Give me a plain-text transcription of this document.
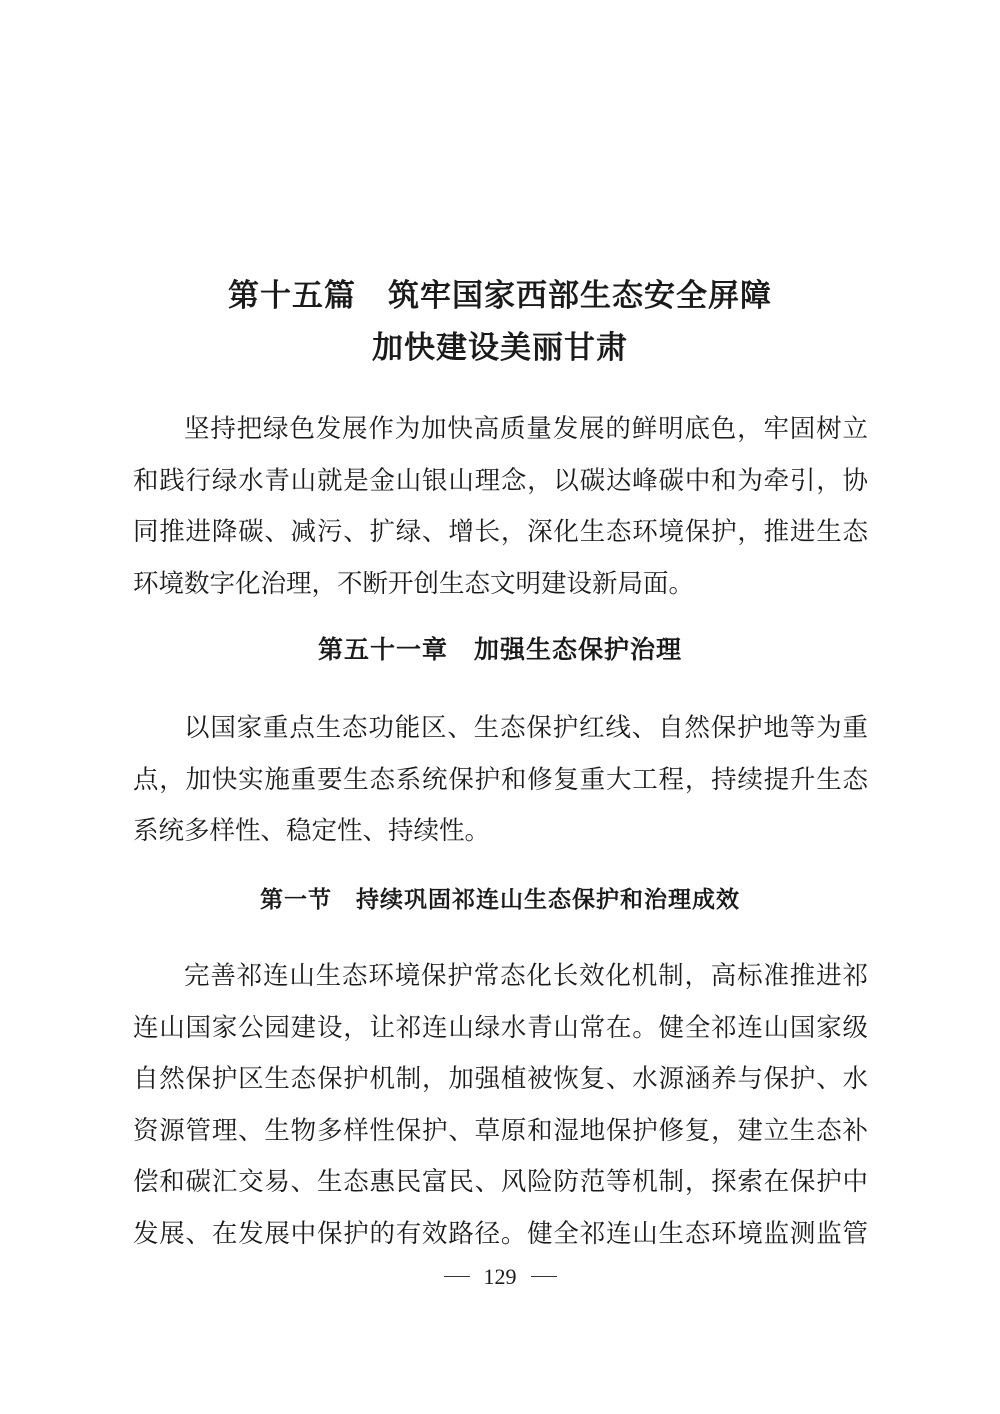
第十五篇　筑牢国家西部生态安全屏障
加快建设美丽甘肃
坚持把绿色发展作为加快高质量发展的鲜明底色，牢固树立
和践行绿水青山就是金山银山理念，以碳达峰碳中和为牵引，协
同推进降碳、减污、扩绿、增长，深化生态环境保护，推进生态
环境数字化治理，不断开创生态文明建设新局面。
第五十一章　加强生态保护治理
以国家重点生态功能区、生态保护红线、自然保护地等为重
点，加快实施重要生态系统保护和修复重大工程，持续提升生态
系统多样性、稳定性、持续性。
第一节　持续巩固祁连山生态保护和治理成效
完善祁连山生态环境保护常态化长效化机制，高标准推进祁
连山国家公园建设，让祁连山绿水青山常在。健全祁连山国家级
自然保护区生态保护机制，加强植被恢复、水源涵养与保护、水
资源管理、生物多样性保护、草原和湿地保护修复，建立生态补
偿和碳汇交易、生态惠民富民、风险防范等机制，探索在保护中
发展、在发展中保护的有效路径。健全祁连山生态环境监测监管
129
